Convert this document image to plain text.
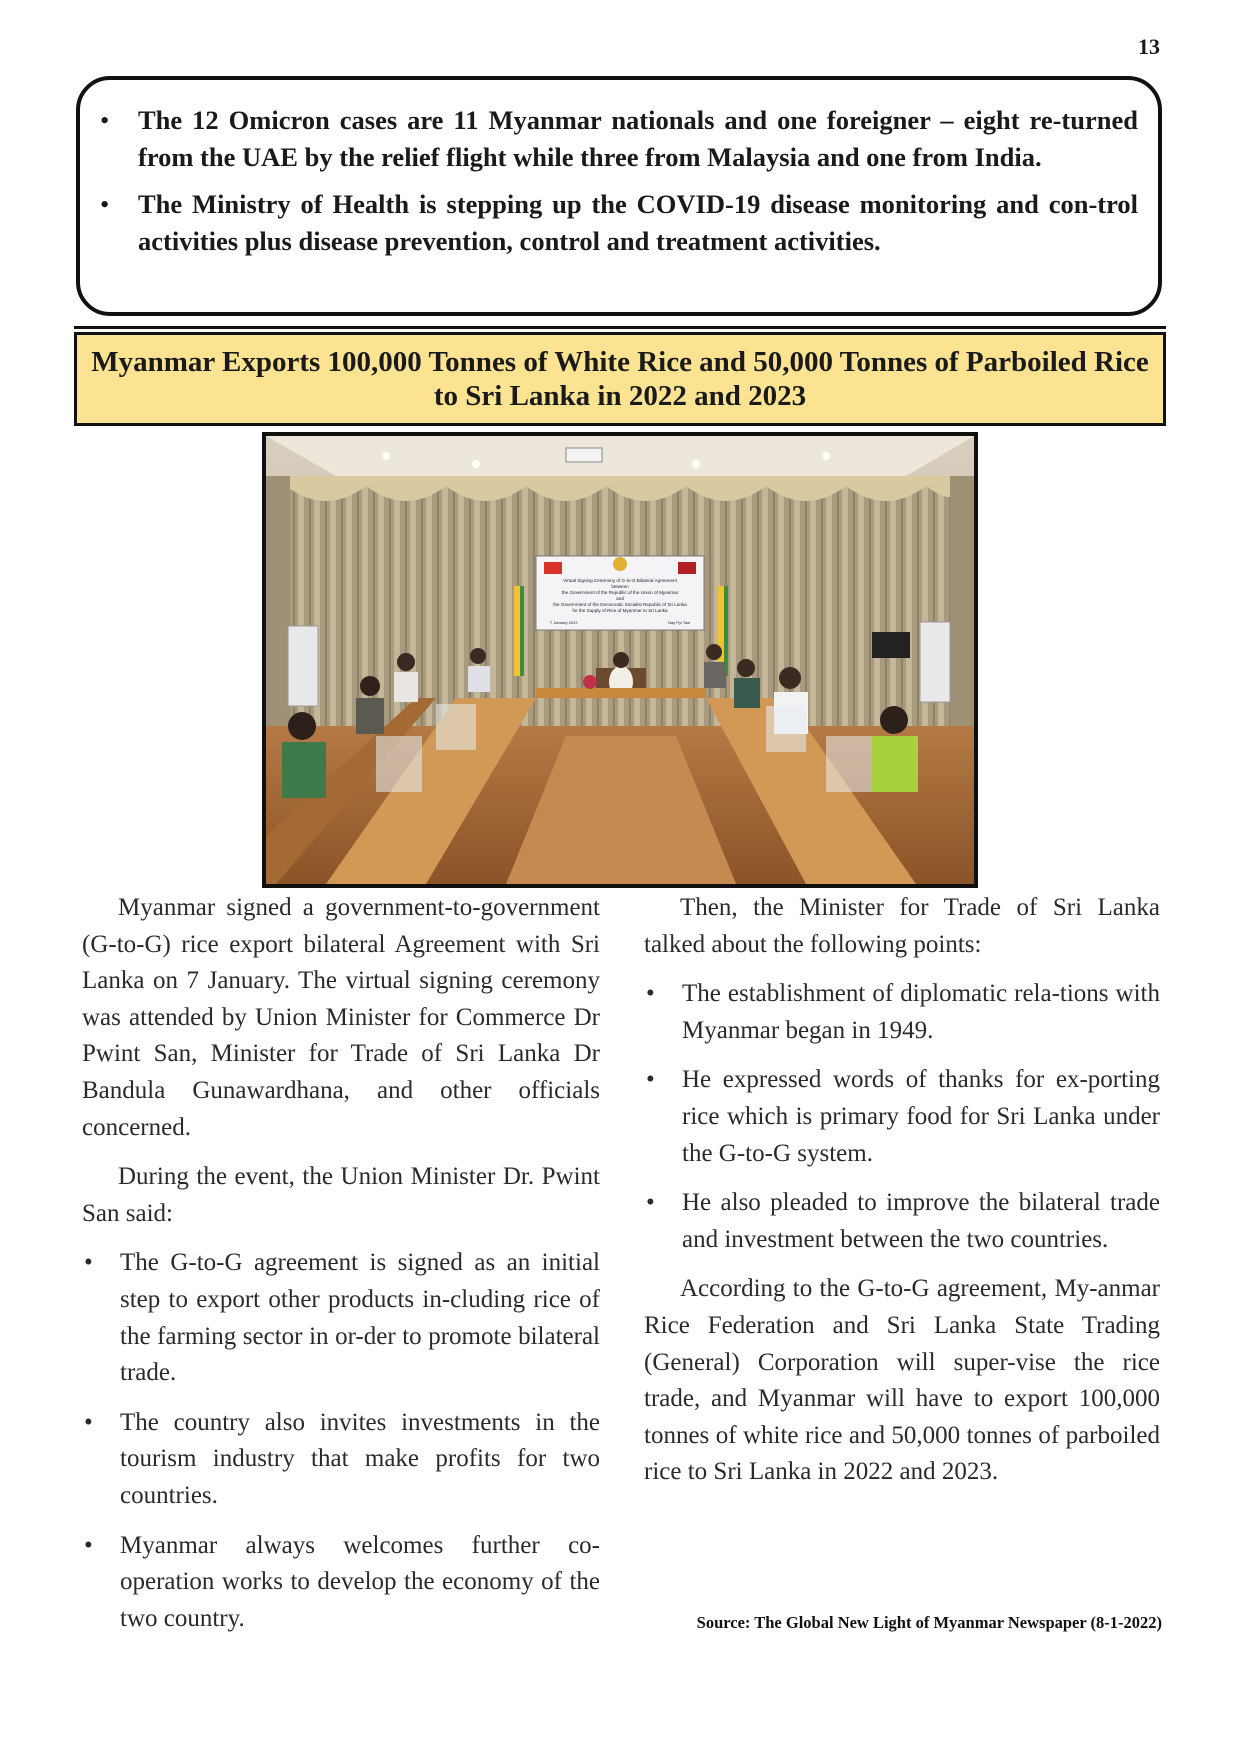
13
• The 12 Omicron cases are 11 Myanmar nationals and one foreigner – eight re-turned from the UAE by the relief flight while three from Malaysia and one from India.
• The Ministry of Health is stepping up the COVID-19 disease monitoring and con-trol activities plus disease prevention, control and treatment activities.
Myanmar Exports 100,000 Tonnes of White Rice and 50,000 Tonnes of Parboiled Rice to Sri Lanka in 2022 and 2023
Virtual Signing Ceremony of G-to-G Bilateral Agreement
between
the Government of the Republic of the Union of Myanmar
and
the Government of the Democratic Socialist Republic of Sri Lanka
for the Supply of Rice of Myanmar to Sri Lanka
7 January 2022	Nay Pyi Taw

Myanmar signed a government-to-government (G-to-G) rice export bilateral Agreement with Sri Lanka on 7 January. The virtual signing ceremony was attended by Union Minister for Commerce Dr Pwint San, Minister for Trade of Sri Lanka Dr Bandula Gunawardhana, and other officials concerned.

During the event, the Union Minister Dr. Pwint San said:

• The G-to-G agreement is signed as an initial step to export other products in-cluding rice of the farming sector in or-der to promote bilateral trade.
• The country also invites investments in the tourism industry that make profits for two countries.
• Myanmar always welcomes further co-operation works to develop the economy of the two country.

Then, the Minister for Trade of Sri Lanka talked about the following points:

• The establishment of diplomatic rela-tions with Myanmar began in 1949.
• He expressed words of thanks for ex-porting rice which is primary food for Sri Lanka under the G-to-G system.
• He also pleaded to improve the bilateral trade and investment between the two countries.

According to the G-to-G agreement, My-anmar Rice Federation and Sri Lanka State Trading (General) Corporation will super-vise the rice trade, and Myanmar will have to export 100,000 tonnes of white rice and 50,000 tonnes of parboiled rice to Sri Lanka in 2022 and 2023.

Source: The Global New Light of Myanmar Newspaper (8-1-2022)
